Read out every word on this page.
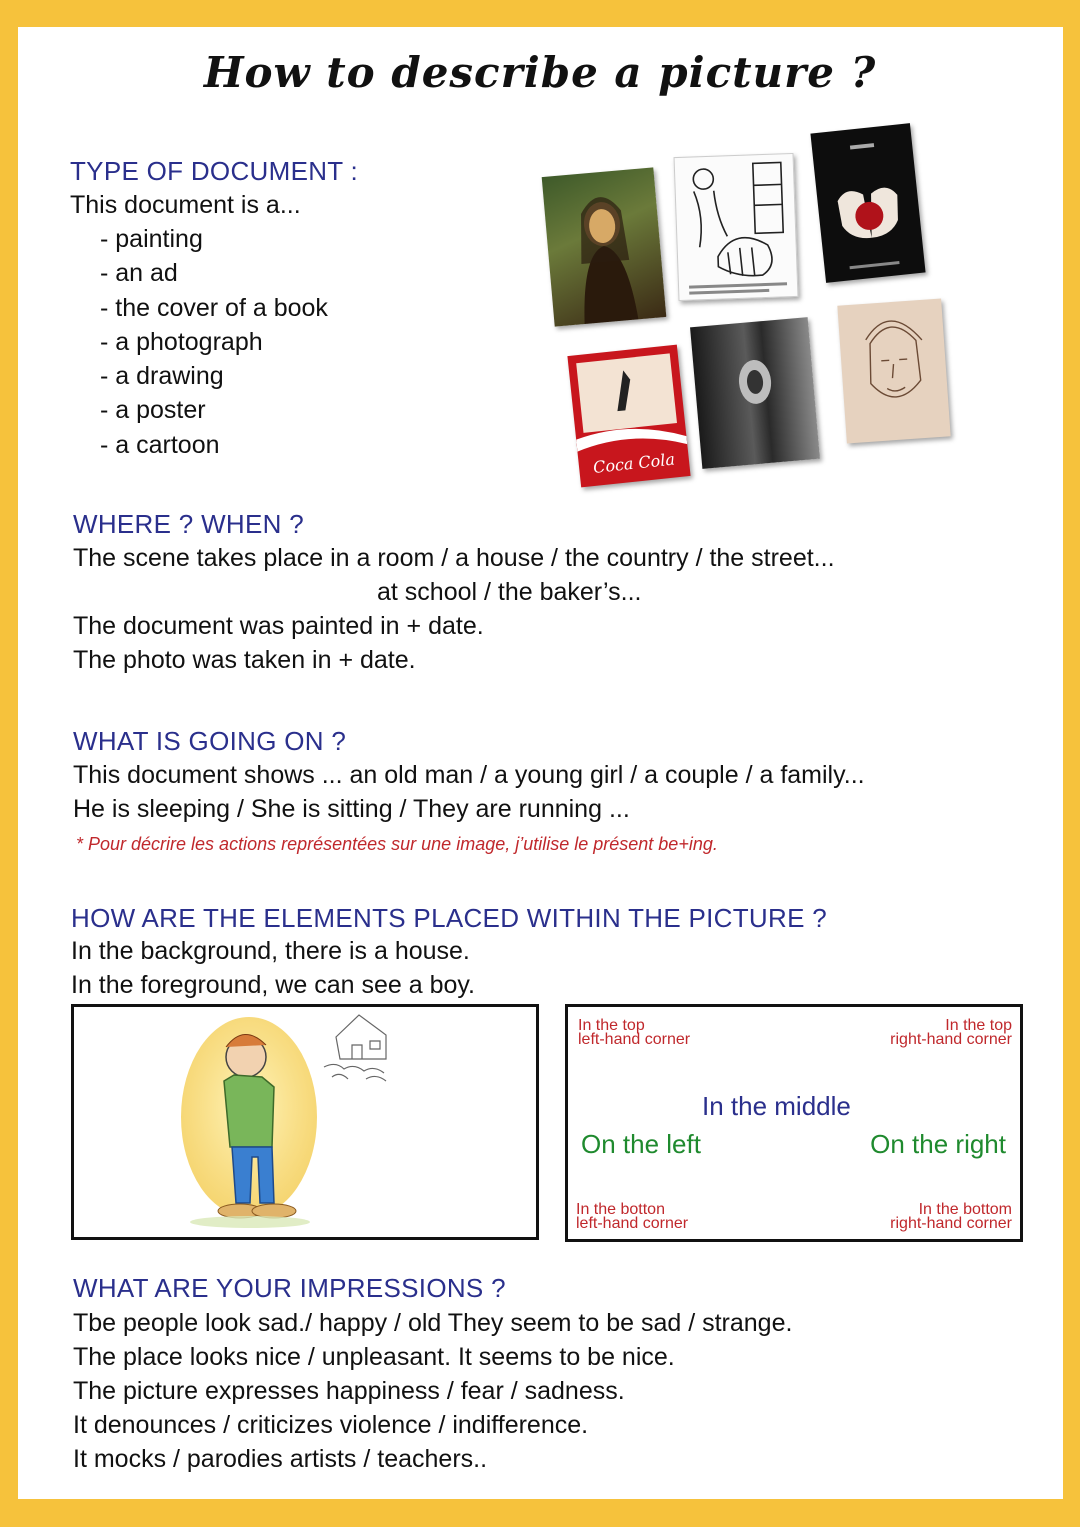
How to describe a picture ?
TYPE OF DOCUMENT :
This document is a...
- painting
- an ad
- the cover of a book
- a photograph
- a drawing
- a poster
- a cartoon
Coca Cola
WHERE ? WHEN ?
The scene takes place in a room / a house / the country / the street...
at school / the baker’s...
The document was painted in + date.
The photo was taken in + date.
WHAT IS GOING ON ?
This document shows ... an old man / a young girl / a couple / a family...
He is sleeping / She is sitting / They are running ...
* Pour décrire les actions représentées sur une image, j’utilise le présent be+ing.
HOW ARE THE ELEMENTS PLACED WITHIN THE PICTURE ?
In the background, there is a house.
In the foreground, we can see a boy.
In the top
left-hand corner
In the top
right-hand corner
In the middle
On the left	On the right
In the botton
left-hand corner
In the bottom
right-hand corner
WHAT ARE YOUR IMPRESSIONS ?
Tbe people look sad./ happy / old They seem to be sad / strange.
The place looks nice / unpleasant. It seems to be nice.
The picture expresses happiness / fear / sadness.
It denounces / criticizes violence / indifference.
It mocks / parodies artists / teachers..
